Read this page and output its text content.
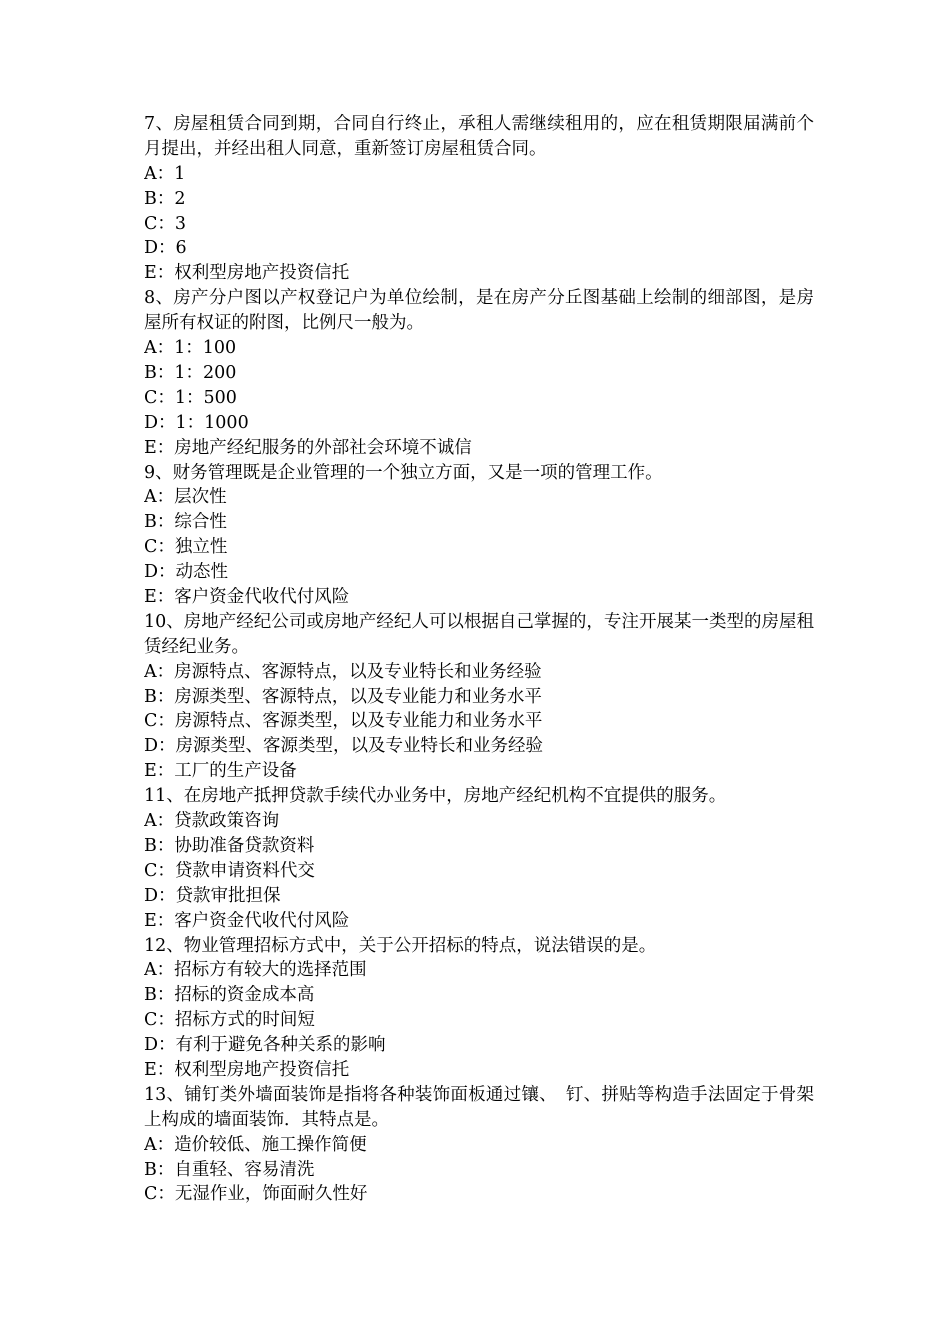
7、房屋租赁合同到期，合同自行终止，承租人需继续租用的，应在租赁期限届满前个月提出，并经出租人同意，重新签订房屋租赁合同。
A：1
B：2
C：3
D：6
E：权利型房地产投资信托
8、房产分户图以产权登记户为单位绘制，是在房产分丘图基础上绘制的细部图，是房屋所有权证的附图，比例尺一般为。
A：1：100
B：1：200
C：1：500
D：1：1000
E：房地产经纪服务的外部社会环境不诚信
9、财务管理既是企业管理的一个独立方面，又是一项的管理工作。
A：层次性
B：综合性
C：独立性
D：动态性
E：客户资金代收代付风险
10、房地产经纪公司或房地产经纪人可以根据自己掌握的，专注开展某一类型的房屋租赁经纪业务。
A：房源特点、客源特点，以及专业特长和业务经验
B：房源类型、客源特点，以及专业能力和业务水平
C：房源特点、客源类型，以及专业能力和业务水平
D：房源类型、客源类型，以及专业特长和业务经验
E：工厂的生产设备
11、在房地产抵押贷款手续代办业务中，房地产经纪机构不宜提供的服务。
A：贷款政策咨询
B：协助准备贷款资料
C：贷款申请资料代交
D：贷款审批担保
E：客户资金代收代付风险
12、物业管理招标方式中，关于公开招标的特点，说法错误的是。
A：招标方有较大的选择范围
B：招标的资金成本高
C：招标方式的时间短
D：有利于避免各种关系的影响
E：权利型房地产投资信托
13、铺钉类外墙面装饰是指将各种装饰面板通过镶、　钉、拼贴等构造手法固定于骨架上构成的墙面装饰．其特点是。
A：造价较低、施工操作简便
B：自重轻、容易清洗
C：无湿作业，饰面耐久性好
